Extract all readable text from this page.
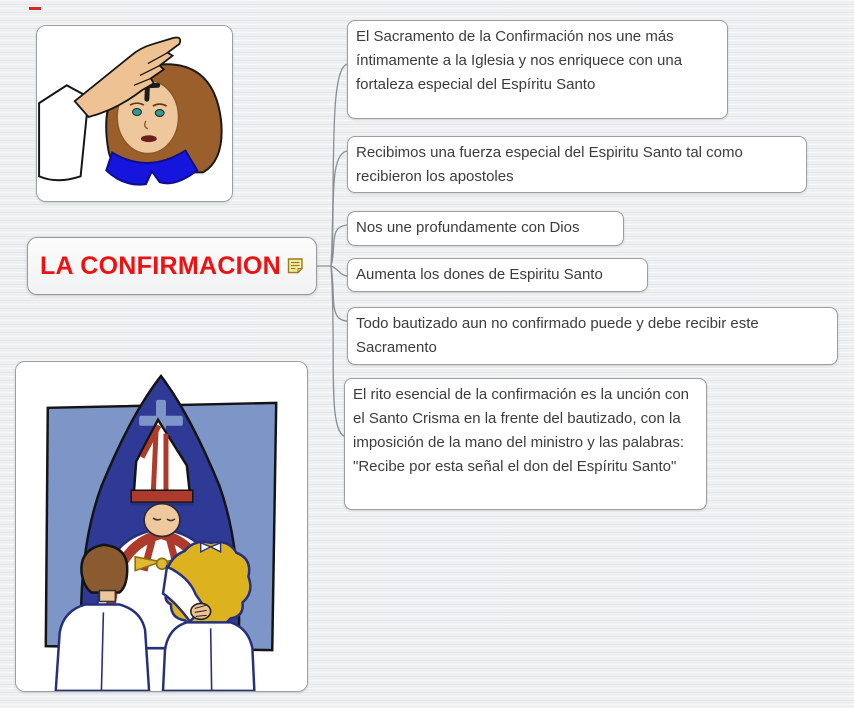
LA CONFIRMACION
El Sacramento de la Confirmación nos une más íntimamente a la Iglesia y nos enriquece con una fortaleza especial del Espíritu Santo
Recibimos una fuerza especial del Espiritu Santo tal como recibieron los apostoles
Nos une profundamente con Dios
Aumenta los dones de Espiritu Santo
Todo bautizado aun no confirmado puede y debe recibir este Sacramento
El rito esencial de la confirmación es la unción con el Santo Crisma en la frente del bautizado, con la imposición de la mano del ministro y las palabras: "Recibe por esta señal el don del Espíritu Santo"
